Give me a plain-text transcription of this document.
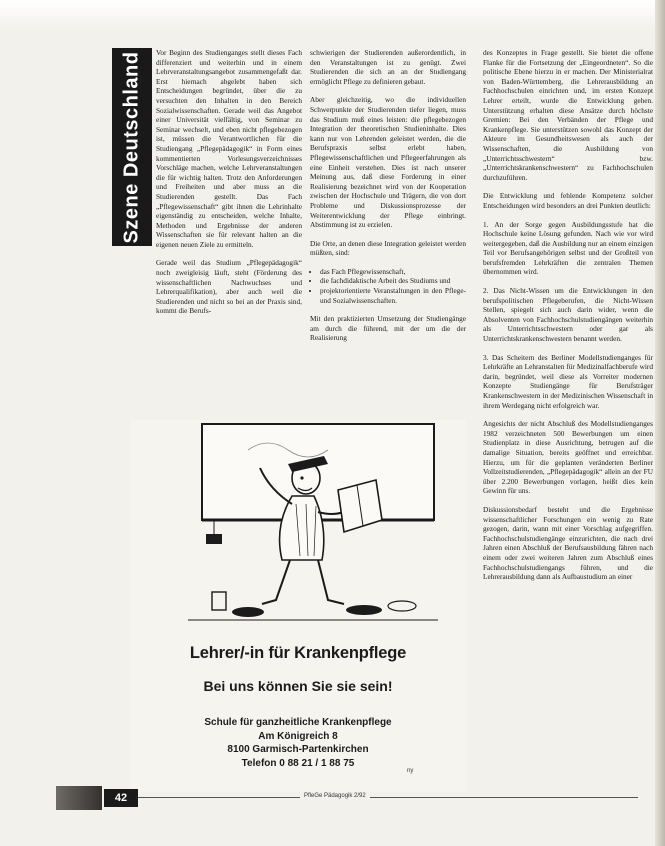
Szene Deutschland Vor Beginn des Studienganges stellt dieses Fach differenziert und weiterhin und in einem Lehrveranstaltungsangebot zusammengefaßt dar. Erst hiernach abgelebt haben sich Entscheidungen begründet, über die zu versuchten den Inhalten in den Bereich Sozialwissenschaften. Gerade weil das Angebot einer Universität vielfältig, von Seminar zu Seminar wechselt, und eben nicht pflegebezogen ist, müssen die Verantwortlichen für die Studiengang „Pflegepädagogik“ in Form eines kommentierten Vorlesungsverzeichnisses Vorschläge machen, welche Lehrveranstaltungen die für wichtig halten. Trotz den Anforderungen und Freiheiten und aber muss an die Studierenden gestellt. Das Fach „Pflegewissenschaft“ gibt ihnen die Lehrinhalte eigenständig zu entscheiden, welche Inhalte, Methoden und Ergebnisse der anderen Wissenschaften sie für relevant halten an die eigenen neuen Ziele zu ermitteln.

Gerade weil das Studium „Pflegepädagogik“ noch zweigleisig läuft, steht (Förderung des wissenschaftlichen Nachwuchses und Lehrerqualifikation), aber auch weil die Studierenden und nicht so bei an der Praxis sind, kommt die Berufs-

schwierigen der Studierenden außerordentlich, in den Veranstaltungen ist zu genügt. Zwei Studierenden die sich an an der Studiengang ermöglicht Pflege zu definieren gebaut.

Aber gleichzeitig, wo die individuellen Schwerpunkte der Studierenden tiefer liegen, muss das Studium muß eines leisten: die pflegebezogen Integration der theoretischen Studieninhalte. Dies kann nur von Lehrenden geleistet werden, die die Berufspraxis selbst erlebt haben, Pflegewissenschaftlichen und Pflegeerfahrungen als eine Einheit verstehen. Dies ist nach unserer Meinung aus, daß diese Forderung in einer Realisierung bezeichnet wird von der Kooperation zwischen der Hochschule und Trägern, die von dort Probleme und Diskussionsprozesse der Weiterentwicklung der Pflege einbringt. Abstimmung ist zu erzielen.

Die Orte, an denen diese Integration geleistet werden müßten, sind:

• das Fach Pflegewissenschaft,
• die fachdidaktische Arbeit des Studiums und
• projektorientierte Veranstaltungen in den Pflege- und Sozialwissenschaften.

Mit den praktizierten Umsetzung der Studiengänge am durch die führend, mit der um die der Realisierung

des Konzeptes in Frage gestellt. Sie bietet die offene Flanke für die Fortsetzung der „Eingeordneten“. So die politische Ebene hierzu in er machen. Der Ministerialrat von Baden-Württemberg, die Lehrerausbildung an Fachhochschulen einrichten und, im ersten Konzept Lehrer erteilt, wurde die Entwicklung gehen. Unterstützung erhalten diese Ansätze durch höchste Gremien: Bei den Verbänden der Pflege und Krankenpflege. Sie unterstützen sowohl das Konzept der Akteure im Gesundheitswesen als auch der Wissenschaften, die Ausbildung von „Unterrichtsschwestern“ bzw. „Unterrichtskrankenschwestern“ zu Fachhochschulen durchzuführen.

Die Entwicklung und fehlende Kompetenz solcher Entscheidungen wird besonders an drei Punkten deutlich:

1. An der Sorge gegen Ausbildungsstufe hat die Hochschule keine Lösung gefunden. Nach wie vor wird weitergegeben, daß die Ausbildung nur an einem einzigen Teil vor Berufsangehörigen selbst und der Großteil von berufsfremden Lehrkräften die zentralen Themen übernommen wird.

2. Das Nicht-Wissen um die Entwicklungen in den berufspolitischen Pflegeberufen, die Nicht-Wissen Stellen, spiegelt sich auch darin wider, wenn die Absolventen von Fachhochschulstudiengängen weiterhin als Unterrichtsschwestern oder gar als Unterrichtskrankenschwestern benannt werden.

3. Das Scheitern des Berliner Modellstudienganges für Lehrkräfte an Lehranstalten für Medizinalfachberufe wird darin, begründet, weil diese als Vorreiter modernen Konzepte Studiengänge für Berufsträger Krankenschwestern in der Medizinischen Wissenschaft in ihrem Werdegang nicht erfolgreich war.

Angesichts der nicht Abschluß des Modellstudienganges 1982 verzeichneten 500 Bewerbungen um einen Studienplatz in diese Ausrichtung, betrugen auf die damalige Situation, bereits geöffnet und erreichbar. Hierzu, um für die geplanten veränderten Berliner Vollzeitstudierenden, „Pflegepädagogik“ allein an der FU über 2.200 Bewerbungen vorlagen, heißt dies kein Gewinn für uns.

Diskussionsbedarf besteht und die Ergebnisse wissenschaftlicher Forschungen ein wenig zu Rate gezogen, darin, wann mit einer Vorschlag aufgegriffen. Fachhochschulstudiengänge einzurichten, die nach drei Jahren einen Abschluß der Berufsausbildung fähren nach einem oder zwei weiteren Jahren zum Abschluß eines Fachhochschulstudiengangs führen, und die Lehrerausbildung dann als Aufbaustudium an einer

Lehrer/-in für Krankenpflege
Bei uns können Sie sie sein!
Schule für ganzheitliche Krankenpflege
Am Königreich 8
8100 Garmisch-Partenkirchen
Telefon 0 88 21 / 1 88 75
ny
42	PfleGe Pädagogik 2/92
